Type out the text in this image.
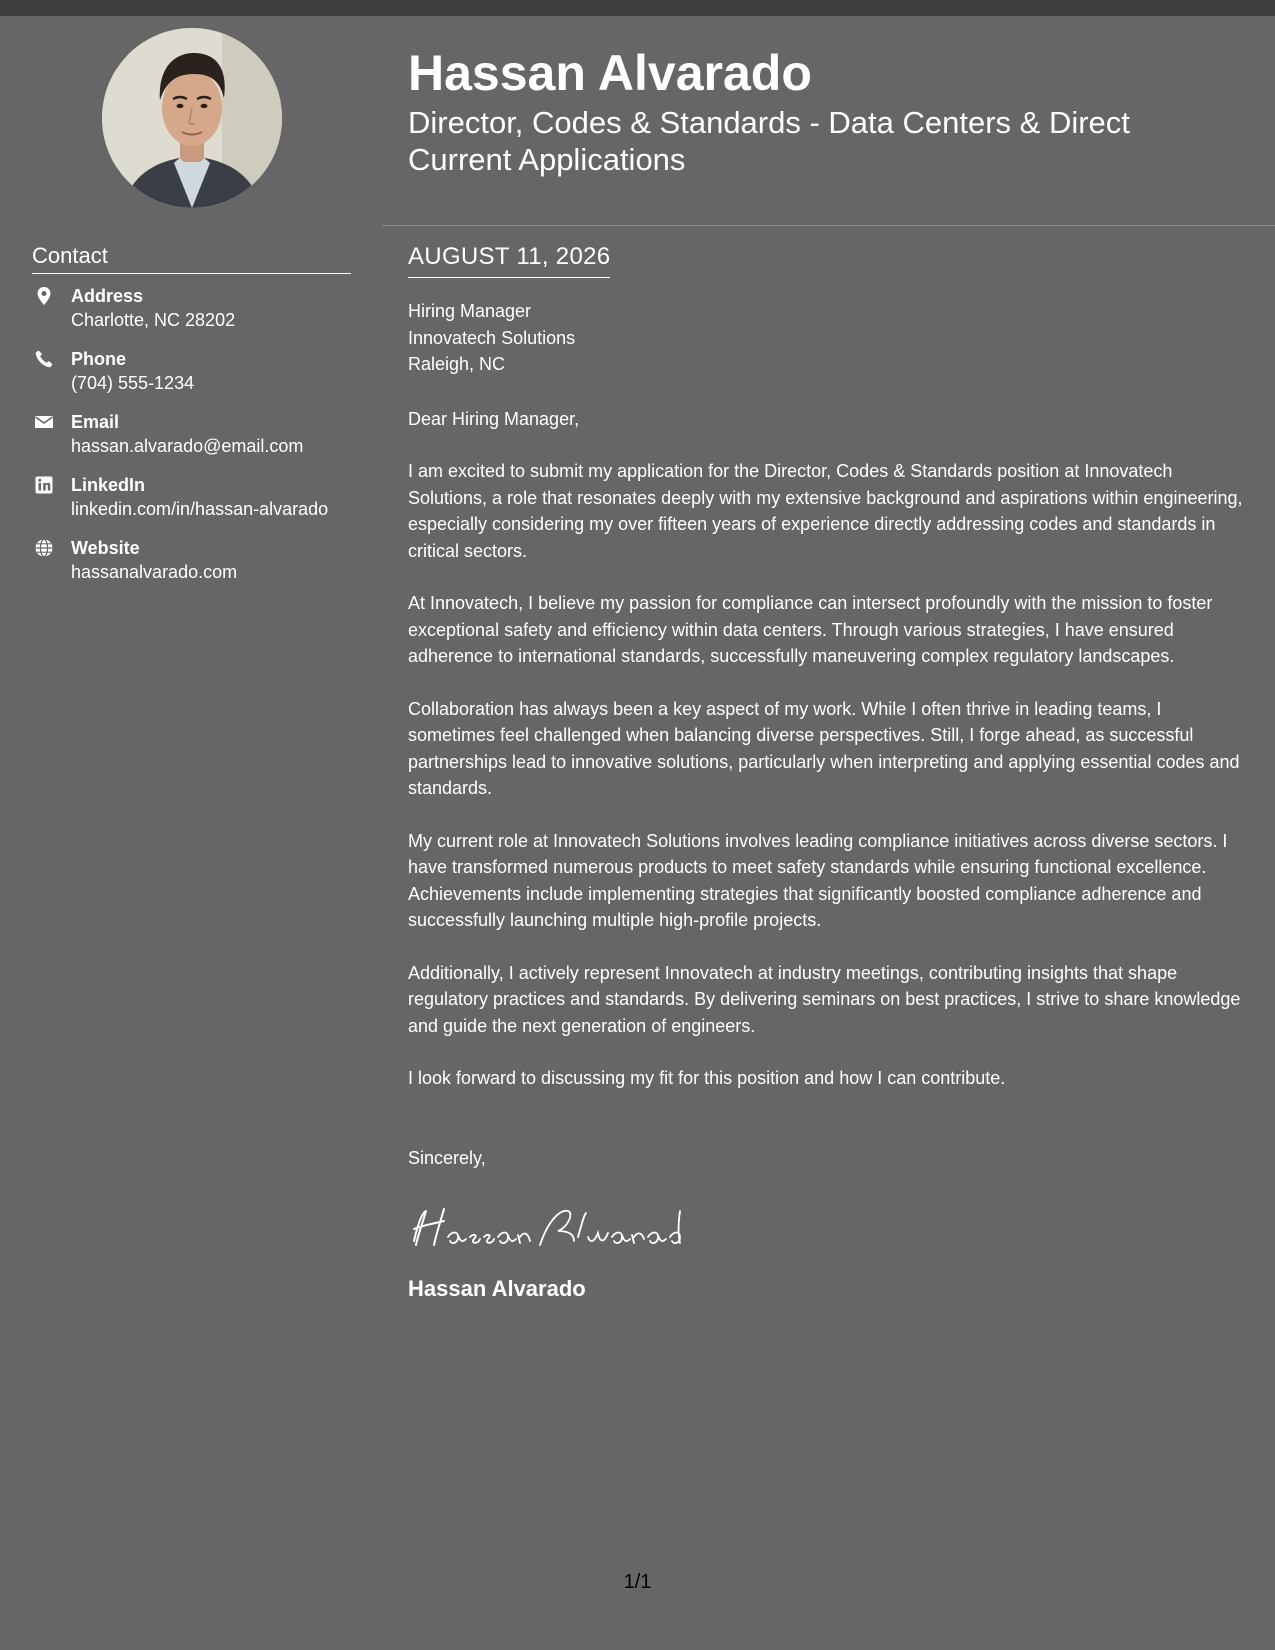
Contact
Address
Charlotte, NC 28202
Phone
(704) 555-1234
Email
hassan.alvarado@email.com
LinkedIn
linkedin.com/in/hassan-alvarado
Website
hassanalvarado.com
Hassan Alvarado
Director, Codes & Standards - Data Centers & Direct Current Applications
AUGUST 11, 2026
Hiring Manager
Innovatech Solutions
Raleigh, NC

Dear Hiring Manager,

I am excited to submit my application for the Director, Codes & Standards position at Innovatech Solutions, a role that resonates deeply with my extensive background and aspirations within engineering, especially considering my over fifteen years of experience directly addressing codes and standards in critical sectors.

At Innovatech, I believe my passion for compliance can intersect profoundly with the mission to foster exceptional safety and efficiency within data centers. Through various strategies, I have ensured adherence to international standards, successfully maneuvering complex regulatory landscapes.

Collaboration has always been a key aspect of my work. While I often thrive in leading teams, I sometimes feel challenged when balancing diverse perspectives. Still, I forge ahead, as successful partnerships lead to innovative solutions, particularly when interpreting and applying essential codes and standards.

My current role at Innovatech Solutions involves leading compliance initiatives across diverse sectors. I have transformed numerous products to meet safety standards while ensuring functional excellence. Achievements include implementing strategies that significantly boosted compliance adherence and successfully launching multiple high-profile projects.

Additionally, I actively represent Innovatech at industry meetings, contributing insights that shape regulatory practices and standards. By delivering seminars on best practices, I strive to share knowledge and guide the next generation of engineers.

I look forward to discussing my fit for this position and how I can contribute.

Sincerely,

Hassan Alvarado
1/1
